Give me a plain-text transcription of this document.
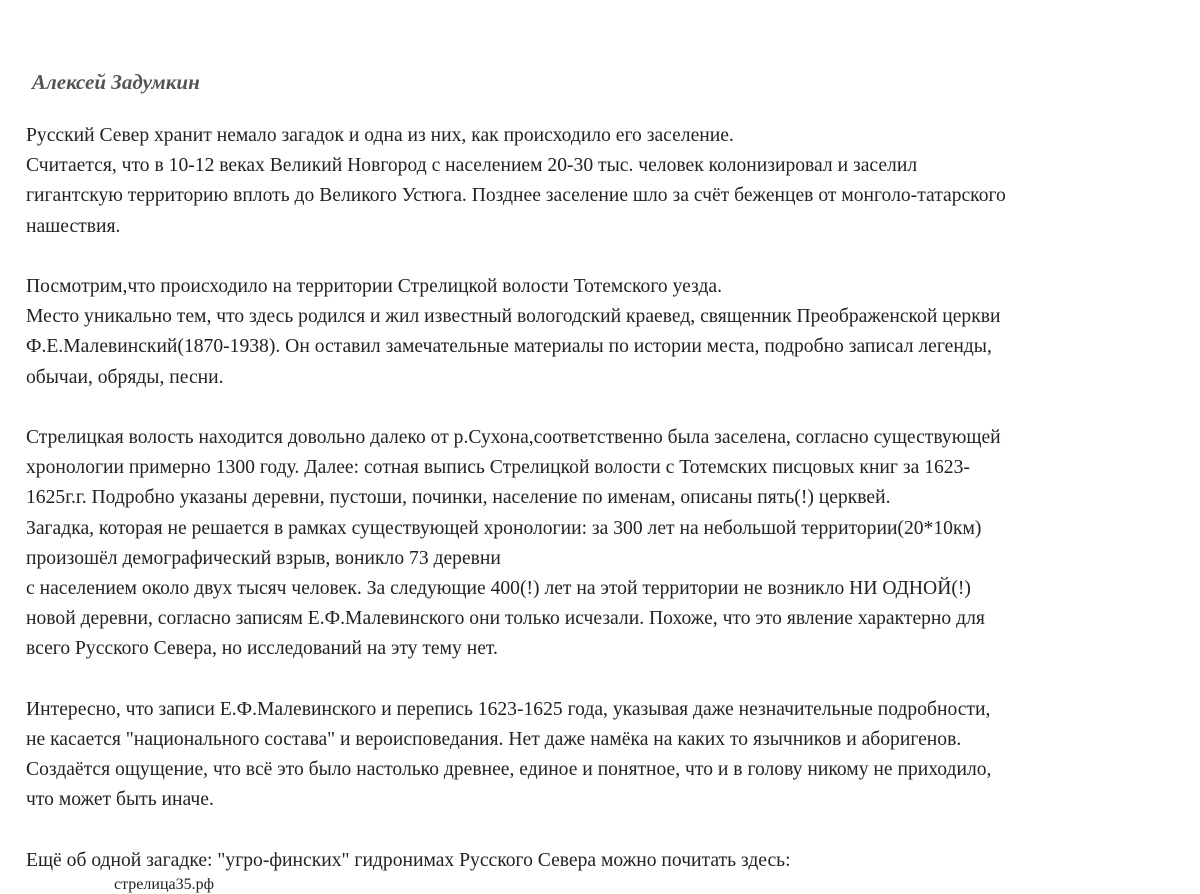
Алексей Задумкин
Русский Север хранит немало загадок и одна из них, как происходило его заселение.
Считается, что в 10-12 веках Великий Новгород с населением 20-30 тыс. человек колонизировал и заселил
гигантскую территорию вплоть до Великого Устюга. Позднее заселение шло за счёт беженцев от монголо-татарского
нашествия.
Посмотрим,что происходило на территории Стрелицкой волости Тотемского уезда.
Место уникально тем, что здесь родился и жил известный вологодский краевед, священник Преображенской церкви
Ф.Е.Малевинский(1870-1938). Он оставил замечательные материалы по истории места, подробно записал легенды,
обычаи, обряды, песни.
Стрелицкая волость находится довольно далеко от р.Сухона,соответственно была заселена, согласно существующей
хронологии примерно 1300 году. Далее: сотная выпись Стрелицкой волости с Тотемских писцовых книг за 1623-
1625г.г. Подробно указаны деревни, пустоши, починки, население по именам, описаны пять(!) церквей.
Загадка, которая не решается в рамках существующей хронологии: за 300 лет на небольшой территории(20*10км)
произошёл демографический взрыв, воникло 73 деревни
с населением около двух тысяч человек. За следующие 400(!) лет на этой территории не возникло НИ ОДНОЙ(!)
новой деревни, согласно записям Е.Ф.Малевинского они только исчезали. Похоже, что это явление характерно для
всего Русского Севера, но исследований на эту тему нет.
Интересно, что записи Е.Ф.Малевинского и перепись 1623-1625 года, указывая даже незначительные подробности,
не касается "национального состава" и вероисповедания. Нет даже намёка на каких то язычников и аборигенов.
Создаётся ощущение, что всё это было настолько древнее, единое и понятное, что и в голову никому не приходило,
что может быть иначе.
Ещё об одной загадке: "угро-финских" гидронимах Русского Севера можно почитать здесь:
стрелица35.рф
